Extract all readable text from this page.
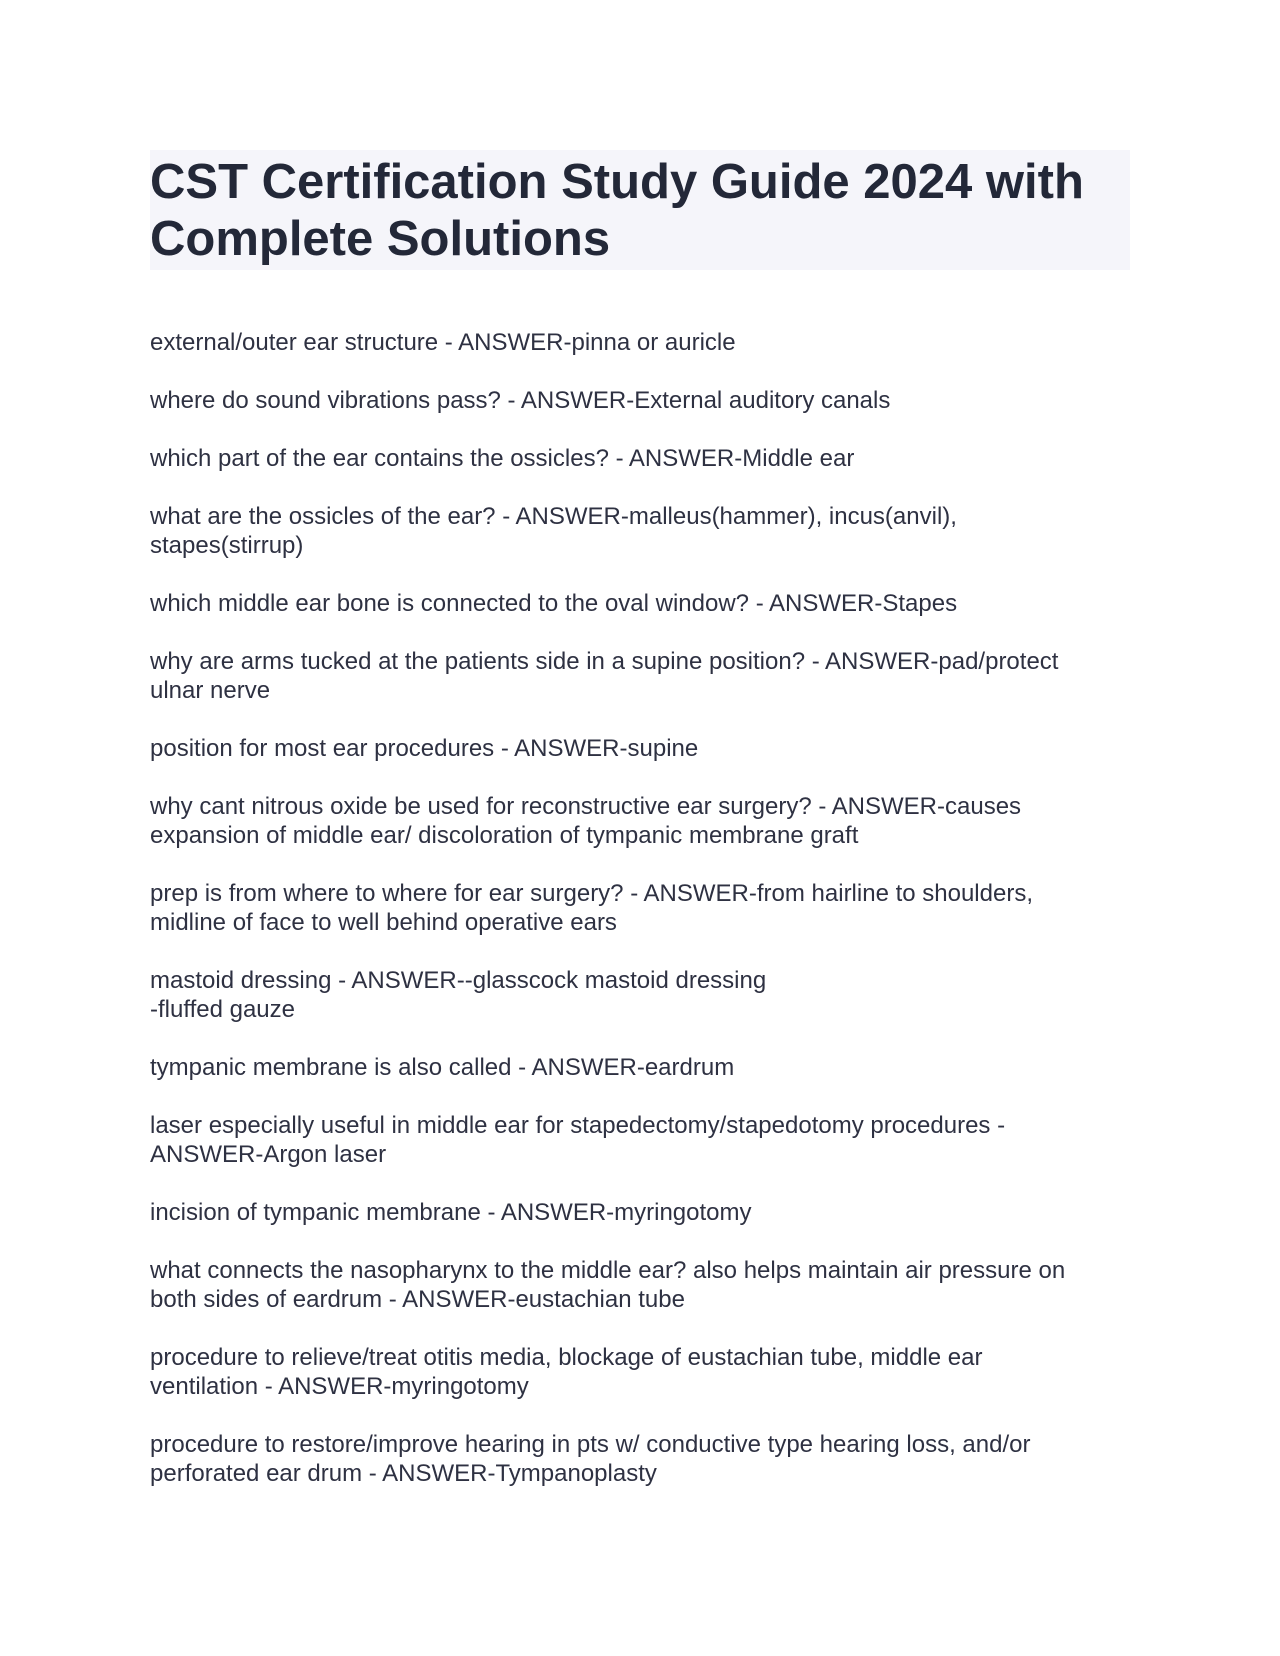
CST Certification Study Guide 2024 with Complete Solutions
external/outer ear structure - ANSWER-pinna or auricle
where do sound vibrations pass? - ANSWER-External auditory canals
which part of the ear contains the ossicles? - ANSWER-Middle ear
what are the ossicles of the ear? - ANSWER-malleus(hammer), incus(anvil),
stapes(stirrup)
which middle ear bone is connected to the oval window? - ANSWER-Stapes
why are arms tucked at the patients side in a supine position? - ANSWER-pad/protect
ulnar nerve
position for most ear procedures - ANSWER-supine
why cant nitrous oxide be used for reconstructive ear surgery? - ANSWER-causes
expansion of middle ear/ discoloration of tympanic membrane graft
prep is from where to where for ear surgery? - ANSWER-from hairline to shoulders,
midline of face to well behind operative ears
mastoid dressing - ANSWER--glasscock mastoid dressing
-fluffed gauze
tympanic membrane is also called - ANSWER-eardrum
laser especially useful in middle ear for stapedectomy/stapedotomy procedures -
ANSWER-Argon laser
incision of tympanic membrane - ANSWER-myringotomy
what connects the nasopharynx to the middle ear? also helps maintain air pressure on
both sides of eardrum - ANSWER-eustachian tube
procedure to relieve/treat otitis media, blockage of eustachian tube, middle ear
ventilation - ANSWER-myringotomy
procedure to restore/improve hearing in pts w/ conductive type hearing loss, and/or
perforated ear drum - ANSWER-Tympanoplasty
